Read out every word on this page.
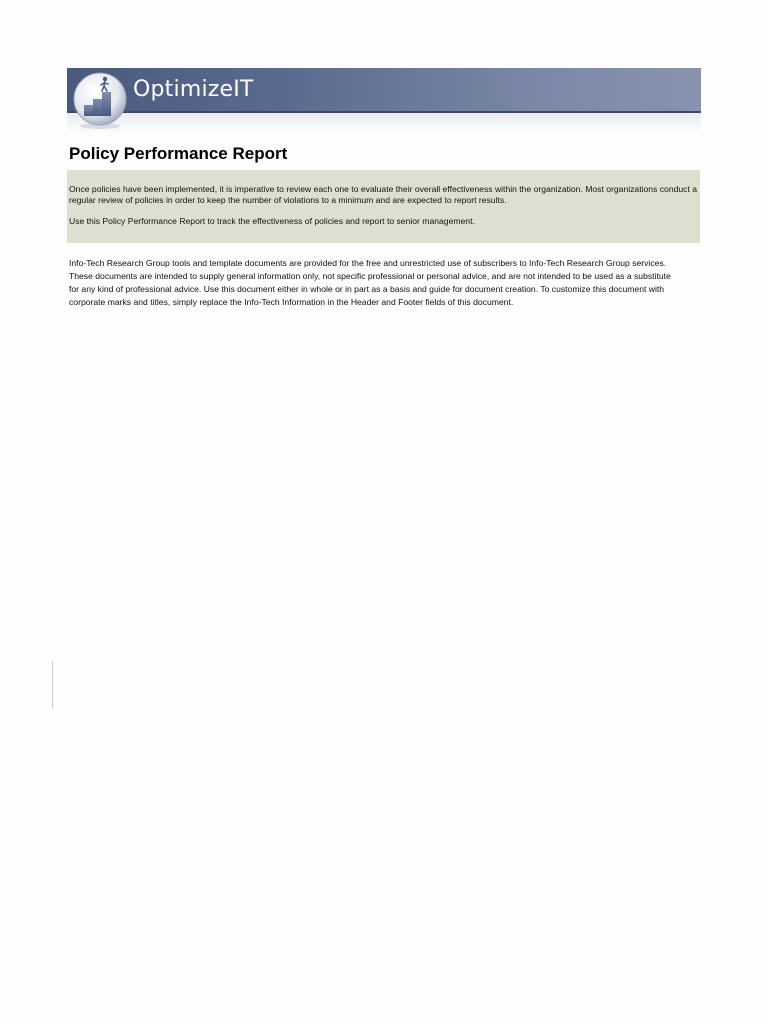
OptimizeIT
Policy Performance Report

Once policies have been implemented, it is imperative to review each one to evaluate their overall effectiveness within the organization. Most organizations conduct a regular review of policies in order to keep the number of violations to a minimum and are expected to report results.

Use this Policy Performance Report to track the effectiveness of policies and report to senior management.

Info-Tech Research Group tools and template documents are provided for the free and unrestricted use of subscribers to Info-Tech Research Group services. These documents are intended to supply general information only, not specific professional or personal advice, and are not intended to be used as a substitute for any kind of professional advice. Use this document either in whole or in part as a basis and guide for document creation. To customize this document with corporate marks and titles, simply replace the Info-Tech Information in the Header and Footer fields of this document.
